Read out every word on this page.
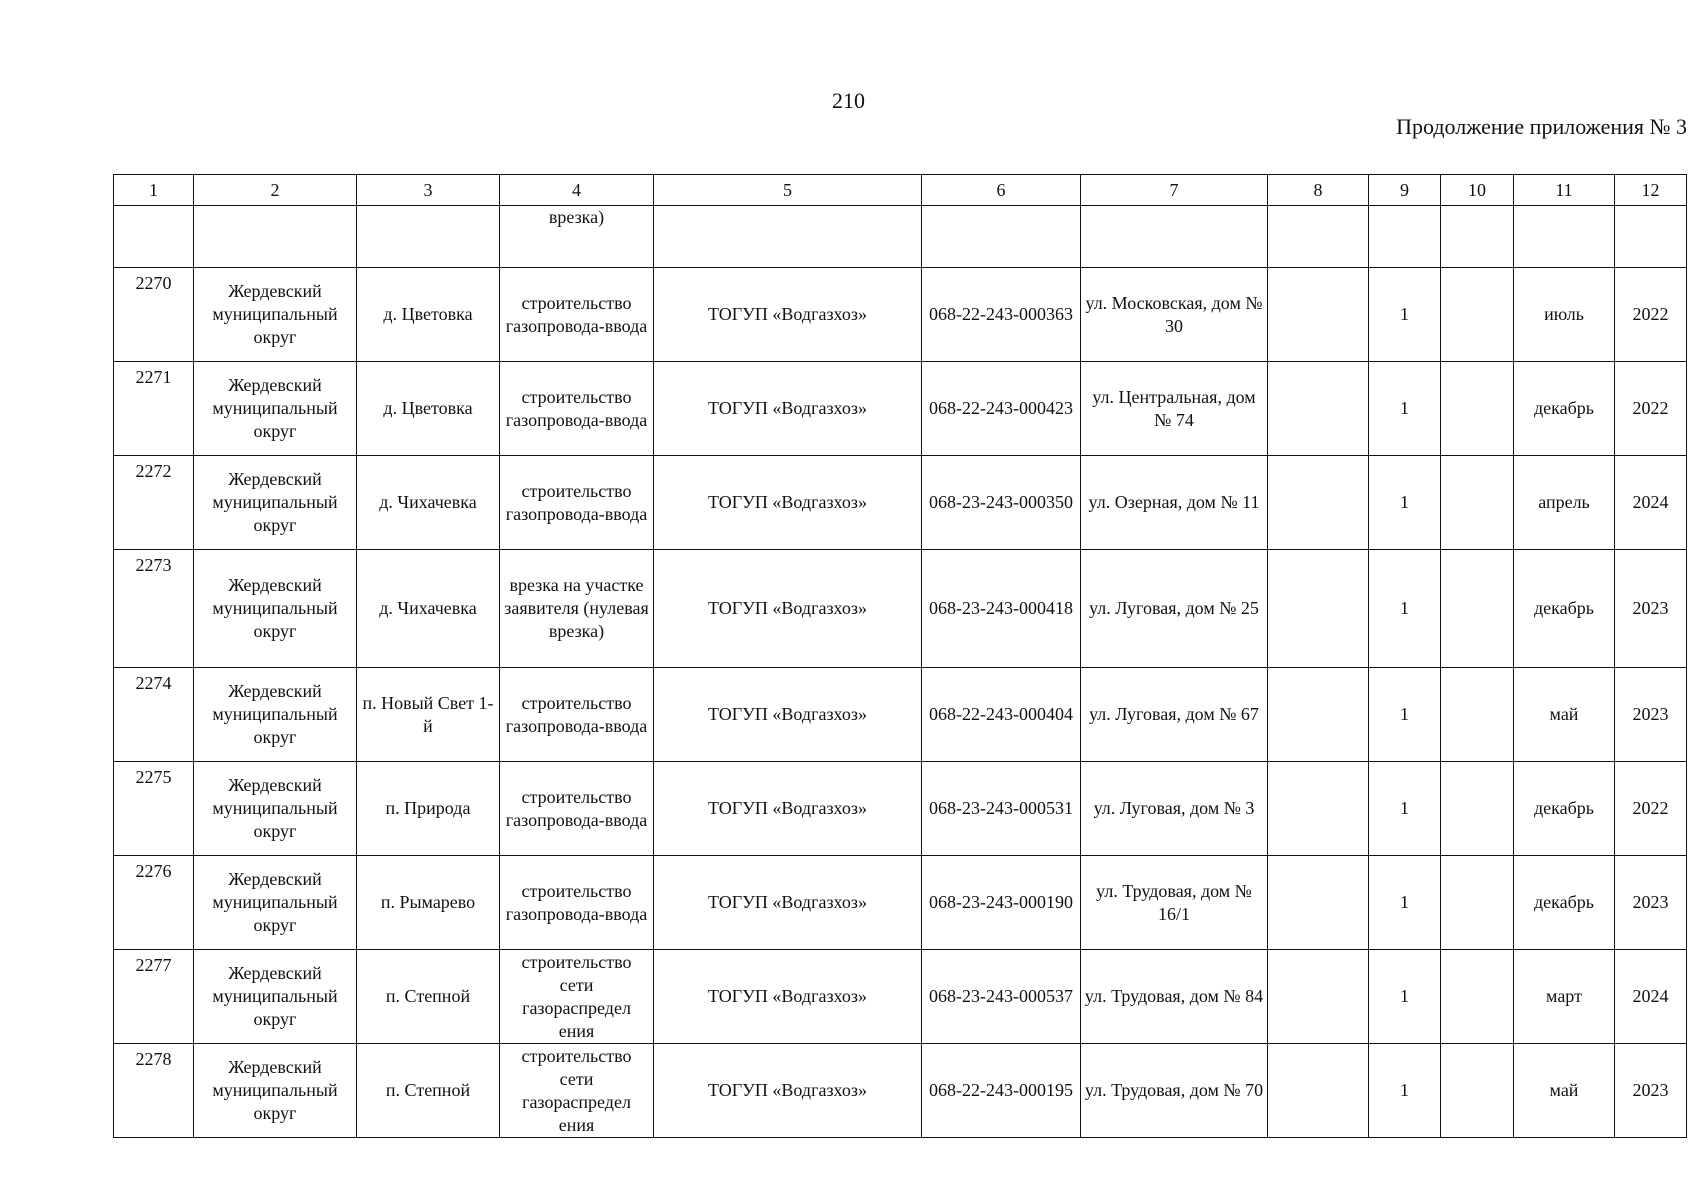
210
Продолжение приложения № 3
1	2	3	4	5	6	7	8	9	10	11	12
			врезка)								
2270	Жердевский муниципальный округ	д. Цветовка	строительство газопровода-ввода	ТОГУП «Водгазхоз»	068-22-243-000363	ул. Московская, дом № 30		1		июль	2022
2271	Жердевский муниципальный округ	д. Цветовка	строительство газопровода-ввода	ТОГУП «Водгазхоз»	068-22-243-000423	ул. Центральная, дом № 74		1		декабрь	2022
2272	Жердевский муниципальный округ	д. Чихачевка	строительство газопровода-ввода	ТОГУП «Водгазхоз»	068-23-243-000350	ул. Озерная, дом № 11		1		апрель	2024
2273	Жердевский муниципальный округ	д. Чихачевка	врезка на участке заявителя (нулевая врезка)	ТОГУП «Водгазхоз»	068-23-243-000418	ул. Луговая, дом № 25		1		декабрь	2023
2274	Жердевский муниципальный округ	п. Новый Свет 1-й	строительство газопровода-ввода	ТОГУП «Водгазхоз»	068-22-243-000404	ул. Луговая, дом № 67		1		май	2023
2275	Жердевский муниципальный округ	п. Природа	строительство газопровода-ввода	ТОГУП «Водгазхоз»	068-23-243-000531	ул. Луговая, дом № 3		1		декабрь	2022
2276	Жердевский муниципальный округ	п. Рымарево	строительство газопровода-ввода	ТОГУП «Водгазхоз»	068-23-243-000190	ул. Трудовая, дом № 16/1		1		декабрь	2023
2277	Жердевский муниципальный округ	п. Степной	строительство сети газораспредел ения	ТОГУП «Водгазхоз»	068-23-243-000537	ул. Трудовая, дом № 84		1		март	2024
2278	Жердевский муниципальный округ	п. Степной	строительство сети газораспредел ения	ТОГУП «Водгазхоз»	068-22-243-000195	ул. Трудовая, дом № 70		1		май	2023
